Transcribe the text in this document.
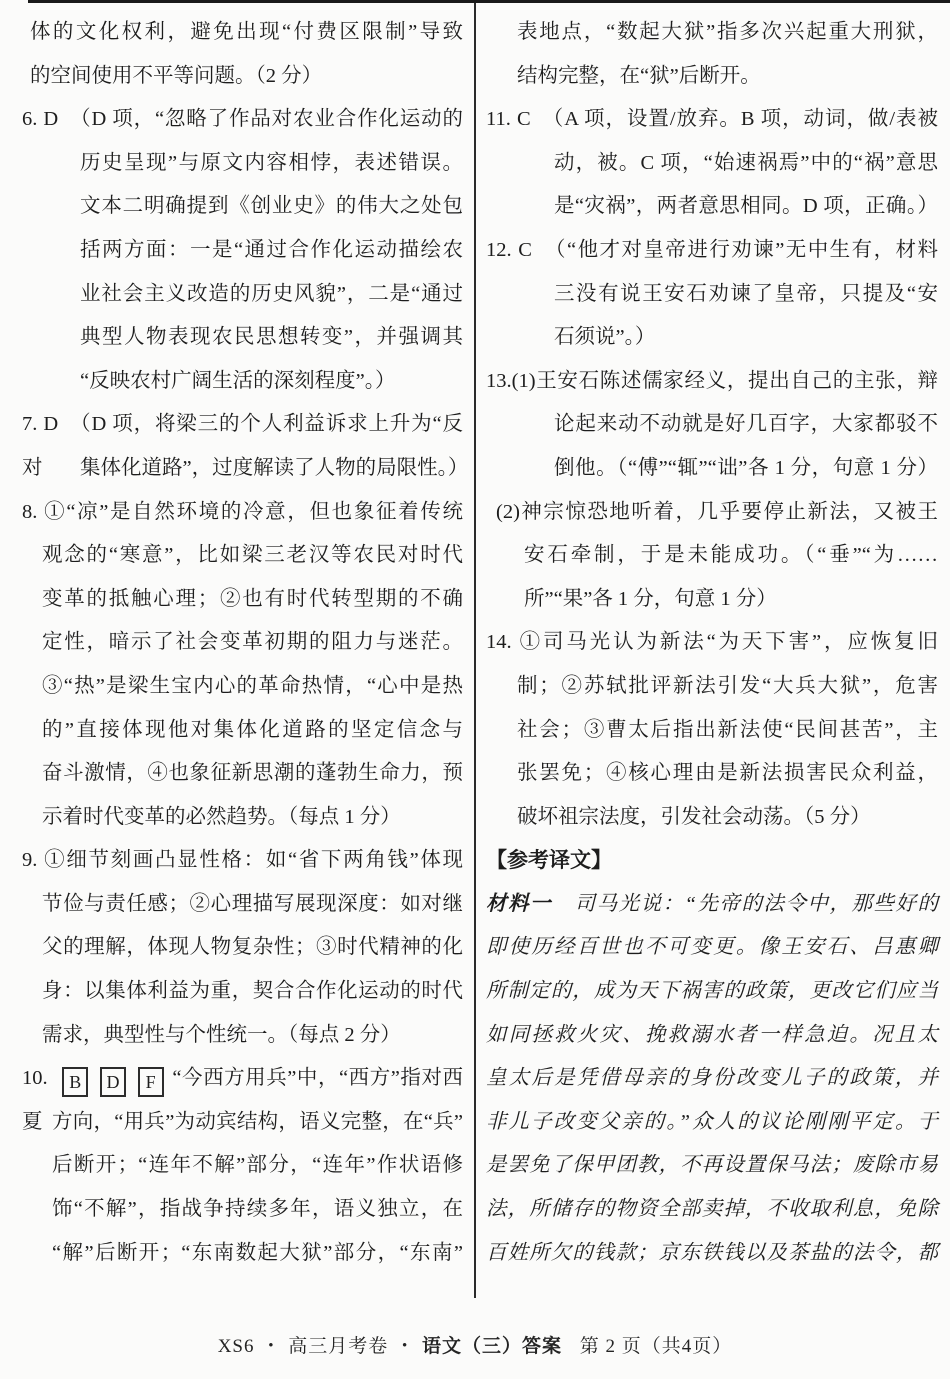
体的文化权利，避免出现“付费区限制”导致
的空间使用不平等问题。（2 分）
6. D　（D 项，“忽略了作品对农业合作化运动的
历史呈现”与原文内容相悖，表述错误。
文本二明确提到《创业史》的伟大之处包
括两方面：一是“通过合作化运动描绘农
业社会主义改造的历史风貌”，二是“通过
典型人物表现农民思想转变”，并强调其
“反映农村广阔生活的深刻程度”。）
7. D　（D 项，将梁三的个人利益诉求上升为“反对	集体化道路”，过度解读了人物的局限性。）
8. ①“凉”是自然环境的冷意，但也象征着传统
观念的“寒意”，比如梁三老汉等农民对时代
变革的抵触心理；②也有时代转型期的不确
定性，暗示了社会变革初期的阻力与迷茫。
③“热”是梁生宝内心的革命热情，“心中是热
的”直接体现他对集体化道路的坚定信念与
奋斗激情，④也象征新思潮的蓬勃生命力，预
示着时代变革的必然趋势。（每点 1 分）
9. ①细节刻画凸显性格：如“省下两角钱”体现
节俭与责任感；②心理描写展现深度：如对继
父的理解，体现人物复杂性；③时代精神的化
身：以集体利益为重，契合合作化运动的时代
需求，典型性与个性统一。（每点 2 分）
10. B D F “今西方用兵”中，“西方”指对西夏 方向，“用兵”为动宾结构，语义完整，在“兵”
后断开；“连年不解”部分，“连年”作状语修
饰“不解”，指战争持续多年，语义独立，在
“解”后断开；“东南数起大狱”部分，“东南”
表地点，“数起大狱”指多次兴起重大刑狱，
结构完整，在“狱”后断开。
11. C　（A 项，设置/放弃。B 项，动词，做/表被
动，被。C 项，“始速祸焉”中的“祸”意思
是“灾祸”，两者意思相同。D 项，正确。）
12. C　（“他才对皇帝进行劝谏”无中生有，材料
三没有说王安石劝谏了皇帝，只提及“安
石须说”。）
13.(1)王安石陈述儒家经义，提出自己的主张，辩
论起来动不动就是好几百字，大家都驳不
倒他。（“傅”“辄”“诎”各 1 分，句意 1 分）
(2)神宗惊恐地听着，几乎要停止新法，又被王
安石牵制，于是未能成功。（“垂”“为……
所”“果”各 1 分，句意 1 分）
14. ①司马光认为新法“为天下害”，应恢复旧
制；②苏轼批评新法引发“大兵大狱”，危害
社会；③曹太后指出新法使“民间甚苦”，主
张罢免；④核心理由是新法损害民众利益，
破坏祖宗法度，引发社会动荡。（5 分）
【参考译文】
材料一 司马光说：“先帝的法令中，那些好的
即使历经百世也不可变更。像王安石、吕惠卿
所制定的，成为天下祸害的政策，更改它们应当
如同拯救火灾、挽救溺水者一样急迫。况且太
皇太后是凭借母亲的身份改变儿子的政策，并
非儿子改变父亲的。”众人的议论刚刚平定。于
是罢免了保甲团教，不再设置保马法；废除市易
法，所储存的物资全部卖掉，不收取利息，免除
百姓所欠的钱款；京东铁钱以及茶盐的法令，都
XS6 • 高三月考卷 • 语文（三）答案 第 2 页（共4页）
